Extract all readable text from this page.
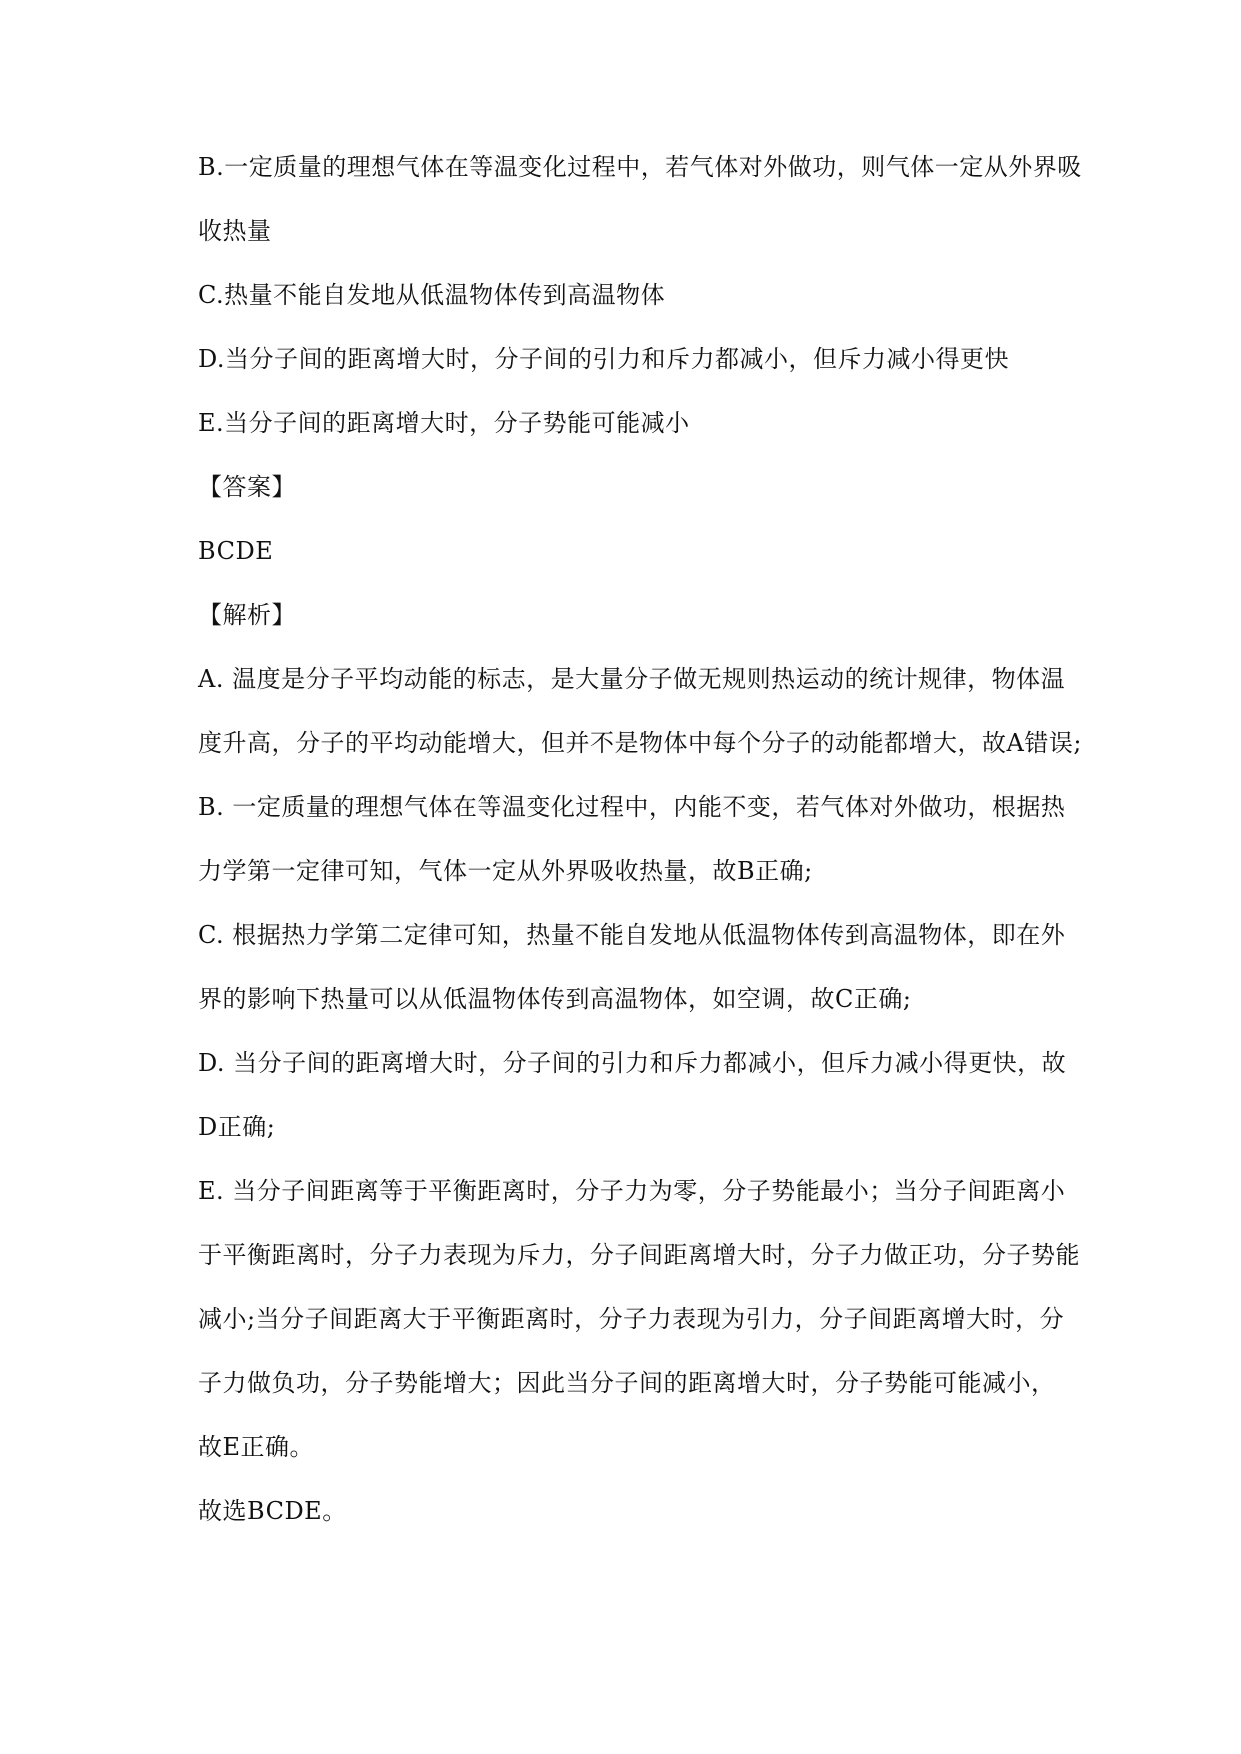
B.一定质量的理想气体在等温变化过程中，若气体对外做功，则气体一定从外界吸
收热量
C.热量不能自发地从低温物体传到高温物体
D.当分子间的距离增大时，分子间的引力和斥力都减小，但斥力减小得更快
E.当分子间的距离增大时，分子势能可能减小
【答案】
BCDE
【解析】
A. 温度是分子平均动能的标志，是大量分子做无规则热运动的统计规律，物体温
度升高，分子的平均动能增大，但并不是物体中每个分子的动能都增大，故A错误;
B. 一定质量的理想气体在等温变化过程中，内能不变，若气体对外做功，根据热
力学第一定律可知，气体一定从外界吸收热量，故B正确;
C. 根据热力学第二定律可知，热量不能自发地从低温物体传到高温物体，即在外
界的影响下热量可以从低温物体传到高温物体，如空调，故C正确;
D. 当分子间的距离增大时，分子间的引力和斥力都减小，但斥力减小得更快，故
D正确;
E. 当分子间距离等于平衡距离时，分子力为零，分子势能最小；当分子间距离小
于平衡距离时，分子力表现为斥力，分子间距离增大时，分子力做正功，分子势能
减小;当分子间距离大于平衡距离时，分子力表现为引力，分子间距离增大时，分
子力做负功，分子势能增大；因此当分子间的距离增大时，分子势能可能减小，
故E正确。
故选BCDE。
